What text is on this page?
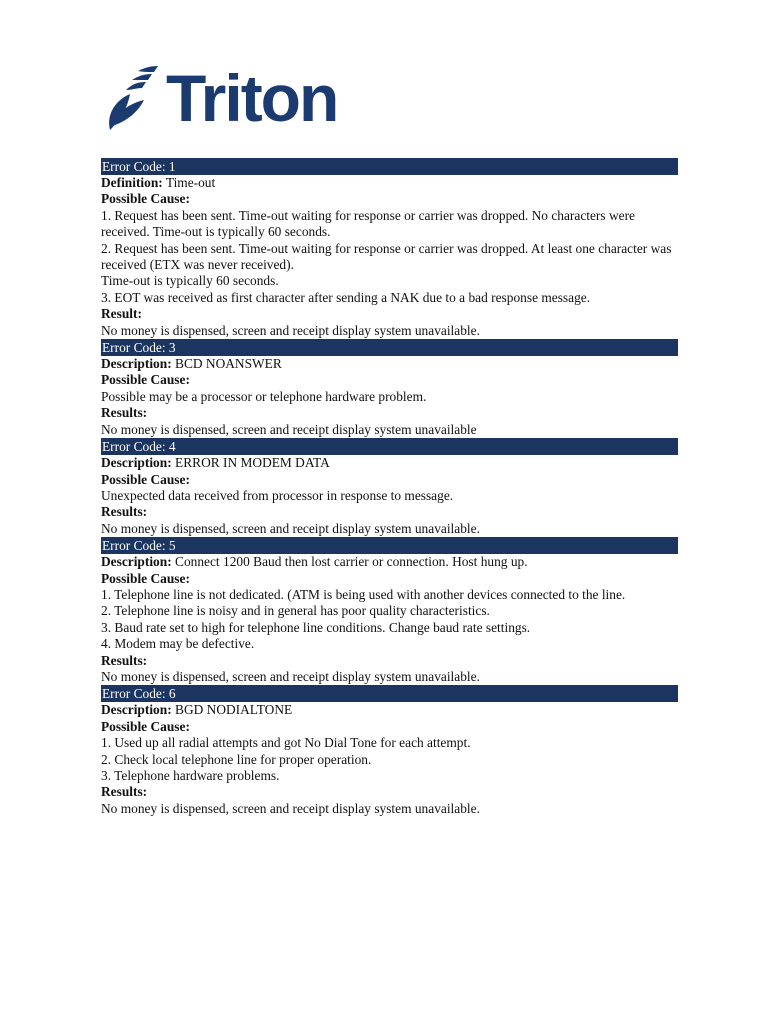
Triton
Error Code: 1

Definition: Time-out

Possible Cause:

1. Request has been sent. Time-out waiting for response or carrier was dropped. No characters were received. Time-out is typically 60 seconds.

2. Request has been sent. Time-out waiting for response or carrier was dropped. At least one character was received (ETX was never received).

Time-out is typically 60 seconds.

3. EOT was received as first character after sending a NAK due to a bad response message.

Result:

No money is dispensed, screen and receipt display system unavailable.

Error Code: 3

Description: BCD NOANSWER

Possible Cause:

Possible may be a processor or telephone hardware problem.

Results:

No money is dispensed, screen and receipt display system unavailable

Error Code: 4

Description: ERROR IN MODEM DATA

Possible Cause:

Unexpected data received from processor in response to message.

Results:

No money is dispensed, screen and receipt display system unavailable.

Error Code: 5

Description: Connect 1200 Baud then lost carrier or connection. Host hung up.

Possible Cause:

1. Telephone line is not dedicated. (ATM is being used with another devices connected to the line.

2. Telephone line is noisy and in general has poor quality characteristics.

3. Baud rate set to high for telephone line conditions. Change baud rate settings.

4. Modem may be defective.

Results:

No money is dispensed, screen and receipt display system unavailable.

Error Code: 6

Description: BGD NODIALTONE

Possible Cause:

1. Used up all radial attempts and got No Dial Tone for each attempt.

2. Check local telephone line for proper operation.

3. Telephone hardware problems.

Results:

No money is dispensed, screen and receipt display system unavailable.
